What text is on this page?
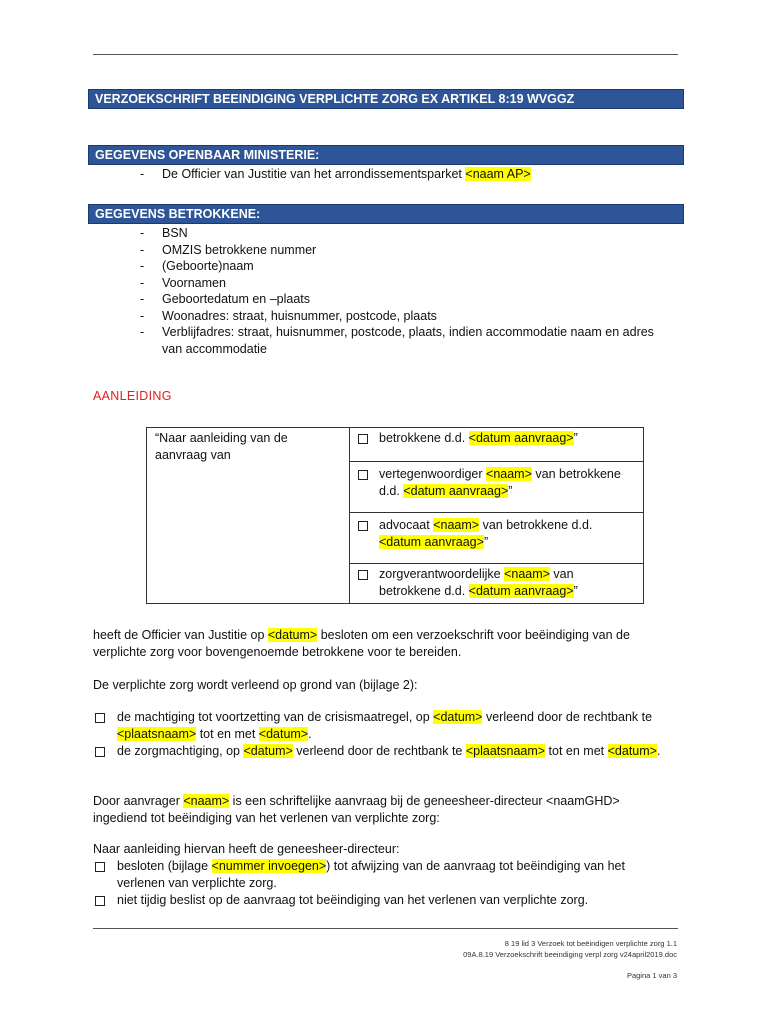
VERZOEKSCHRIFT BEEINDIGING VERPLICHTE ZORG EX ARTIKEL 8:19 WVGGZ
GEGEVENS OPENBAAR MINISTERIE:
- De Officier van Justitie van het arrondissementsparket <naam AP>
GEGEVENS BETROKKENE:
- BSN
- OMZIS betrokkene nummer
- (Geboorte)naam
- Voornamen
- Geboortedatum en –plaats
- Woonadres: straat, huisnummer, postcode, plaats
- Verblijfadres: straat, huisnummer, postcode, plaats, indien accommodatie naam en adres van accommodatie
AANLEIDING
“Naar aanleiding van de aanvraag van	
betrokkene d.d. <datum aanvraag>”

vertegenwoordiger <naam> van betrokkene d.d. <datum aanvraag>”

advocaat <naam> van betrokkene d.d. <datum aanvraag>”

zorgverantwoordelijke <naam> van betrokkene d.d. <datum aanvraag>”

heeft de Officier van Justitie op <datum> besloten om een verzoekschrift voor beëindiging van de verplichte zorg voor bovengenoemde betrokkene voor te bereiden.

De verplichte zorg wordt verleend op grond van (bijlage 2):

de machtiging tot voortzetting van de crisismaatregel, op <datum> verleend door de rechtbank te <plaatsnaam> tot en met <datum>.
de zorgmachtiging, op <datum> verleend door de rechtbank te <plaatsnaam> tot en met <datum>.

Door aanvrager <naam> is een schriftelijke aanvraag bij de geneesheer-directeur <naamGHD> ingediend tot beëindiging van het verlenen van verplichte zorg:

Naar aanleiding hiervan heeft de geneesheer-directeur:

besloten (bijlage <nummer invoegen>) tot afwijzing van de aanvraag tot beëindiging van het verlenen van verplichte zorg.
niet tijdig beslist op de aanvraag tot beëindiging van het verlenen van verplichte zorg.
8 19 lid 3 Verzoek tot beëindigen verplichte zorg 1.1
09A.8.19 Verzoekschrift beeindiging verpl zorg v24april2019.doc
Pagina 1 van 3
